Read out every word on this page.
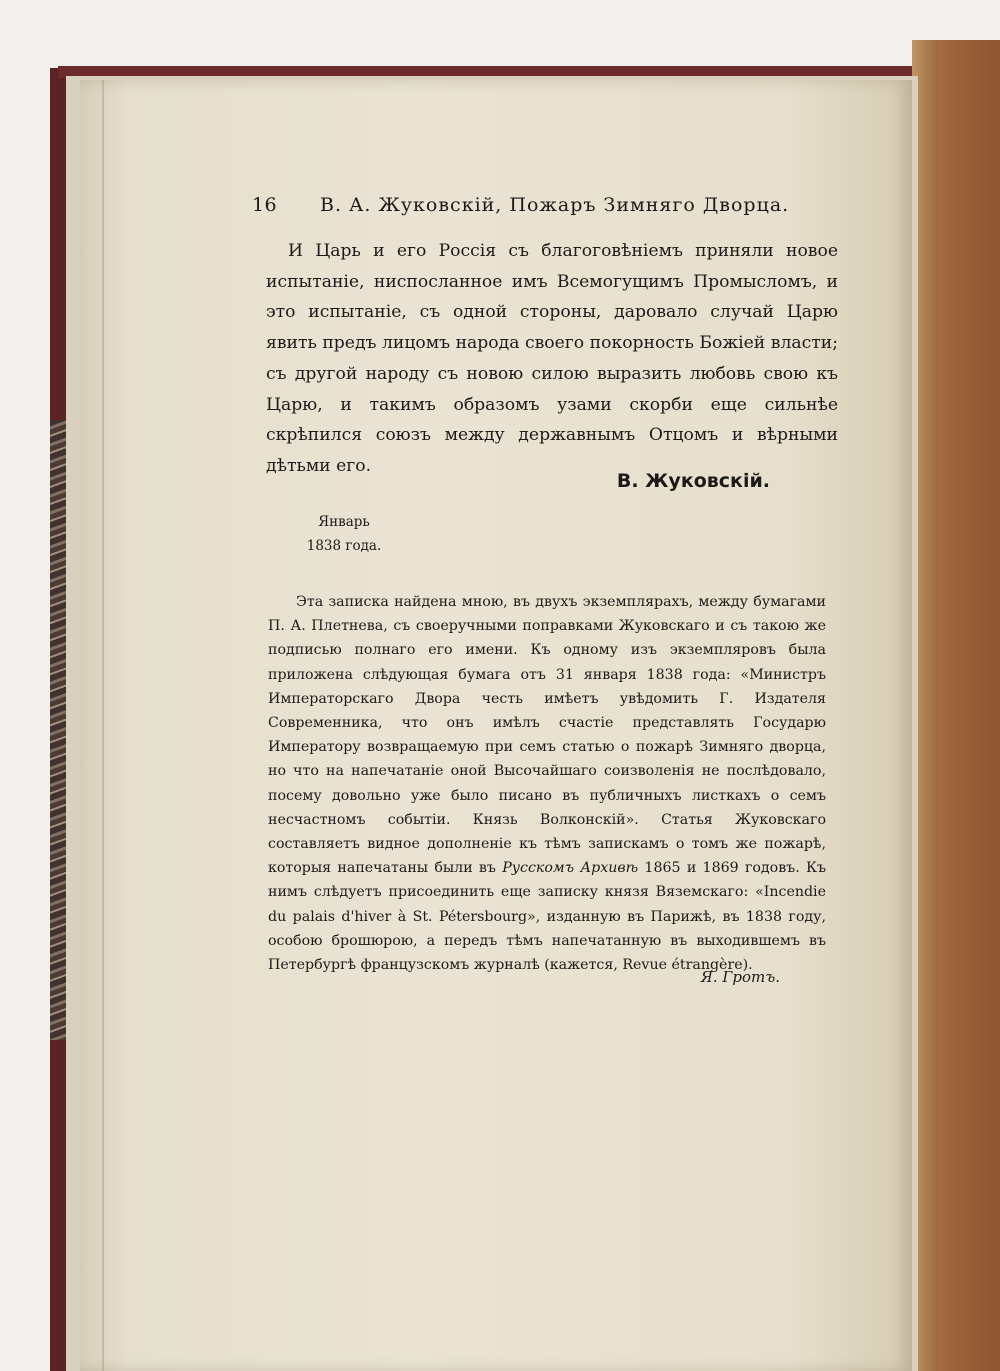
16 В. А. Жуковскій, Пожаръ Зимняго Дворца.
И Царь и его Россія съ благоговѣніемъ приняли новое испытаніе, ниспосланное имъ Всемогущимъ Промысломъ, и это испытаніе, съ одной стороны, даровало случай Царю явить предъ лицомъ народа своего покорность Божіей власти; съ другой народу съ новою силою выразить любовь свою къ Царю, и такимъ образомъ узами скорби еще сильнѣе скрѣпился союзъ между державнымъ Отцомъ и вѣрными дѣтьми его.
В. Жуковскій.
Январь
1838 года.
Эта записка найдена мною, въ двухъ экземплярахъ, между бумагами П. А. Плетнева, съ своеручными поправками Жуковскаго и съ такою же подписью полнаго его имени. Къ одному изъ экземпляровъ была приложена слѣдующая бумага отъ 31 января 1838 года: «Министръ Императорскаго Двора честь имѣетъ увѣдомить Г. Издателя Современника, что онъ имѣлъ счастіе представлять Государю Императору возвращаемую при семъ статью о пожарѣ Зимняго дворца, но что на напечатаніе оной Высочайшаго соизволенія не послѣдовало, посему довольно уже было писано въ публичныхъ листкахъ о семъ несчастномъ событіи. Князь Волконскій». Статья Жуковскаго составляетъ видное дополненіе къ тѣмъ запискамъ о томъ же пожарѣ, которыя напечатаны были въ Русскомъ Архивѣ 1865 и 1869 годовъ. Къ нимъ слѣдуетъ присоединить еще записку князя Вяземскаго: «Incendie du palais d'hiver à St. Pétersbourg», изданную въ Парижѣ, въ 1838 году, особою брошюрою, а передъ тѣмъ напечатанную въ выходившемъ въ Петербургѣ французскомъ журналѣ (кажется, Revue étrangère).
Я. Гротъ.
